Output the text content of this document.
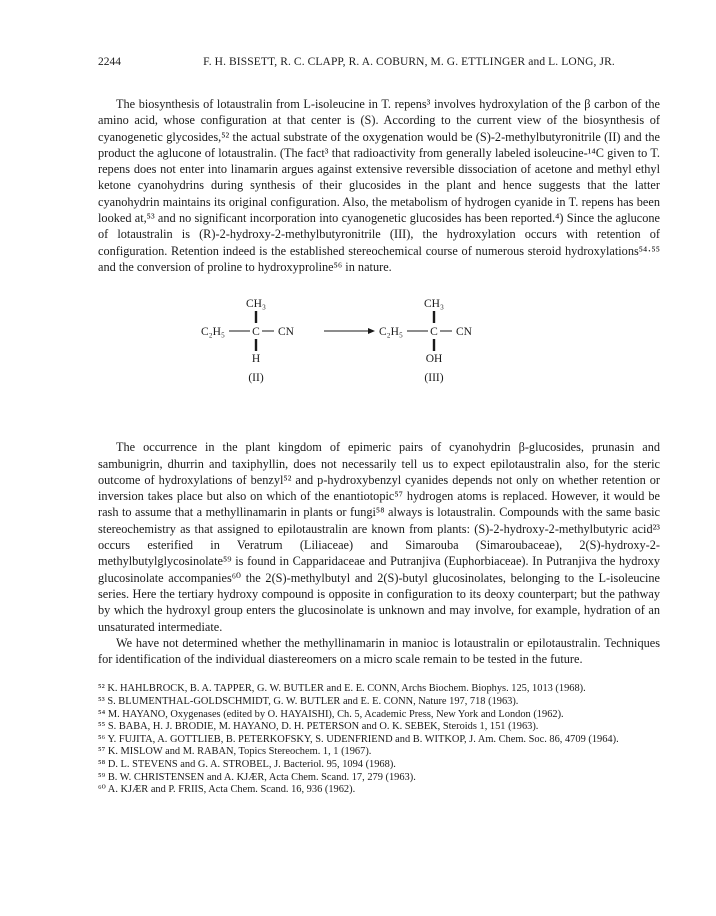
2244	F. H. BISSETT, R. C. CLAPP, R. A. COBURN, M. G. ETTLINGER and L. LONG, JR.

The biosynthesis of lotaustralin from L-isoleucine in T. repens³ involves hydroxylation of the β carbon of the amino acid, whose configuration at that center is (S). According to the current view of the biosynthesis of cyanogenetic glycosides,⁵² the actual substrate of the oxygenation would be (S)-2-methylbutyronitrile (II) and the product the aglucone of lotaustralin. (The fact³ that radioactivity from generally labeled isoleucine-¹⁴C given to T. repens does not enter into linamarin argues against extensive reversible dissociation of acetone and methyl ethyl ketone cyanohydrins during synthesis of their glucosides in the plant and hence suggests that the latter cyanohydrin maintains its original configuration. Also, the metabolism of hydrogen cyanide in T. repens has been looked at,⁵³ and no significant incorporation into cyanogenetic glucosides has been reported.⁴) Since the aglucone of lotaustralin is (R)-2-hydroxy-2-methylbutyronitrile (III), the hydroxylation occurs with retention of configuration. Retention indeed is the established stereochemical course of numerous steroid hydroxylations⁵⁴·⁵⁵ and the conversion of proline to hydroxyproline⁵⁶ in nature.

CH₃
C₂H₅ C CN
H
(II)
CH₃
C₂H₅ C CN
OH
(III)

The occurrence in the plant kingdom of epimeric pairs of cyanohydrin β-glucosides, prunasin and sambunigrin, dhurrin and taxiphyllin, does not necessarily tell us to expect epilotaustralin also, for the steric outcome of hydroxylations of benzyl⁵² and p-hydroxybenzyl cyanides depends not only on whether retention or inversion takes place but also on which of the enantiotopic⁵⁷ hydrogen atoms is replaced. However, it would be rash to assume that a methyllinamarin in plants or fungi⁵⁸ always is lotaustralin. Compounds with the same basic stereochemistry as that assigned to epilotaustralin are known from plants: (S)-2-hydroxy-2-methylbutyric acid²³ occurs esterified in Veratrum (Liliaceae) and Simarouba (Simaroubaceae), 2(S)-hydroxy-2-methylbutylglycosinolate⁵⁹ is found in Capparidaceae and Putranjiva (Euphorbiaceae). In Putranjiva the hydroxy glucosinolate accompanies⁶⁰ the 2(S)-methylbutyl and 2(S)-butyl glucosinolates, belonging to the L-isoleucine series. Here the tertiary hydroxy compound is opposite in configuration to its deoxy counterpart; but the pathway by which the hydroxyl group enters the glucosinolate is unknown and may involve, for example, hydration of an unsaturated intermediate.

We have not determined whether the methyllinamarin in manioc is lotaustralin or epilotaustralin. Techniques for identification of the individual diastereomers on a micro scale remain to be tested in the future.

⁵² K. HAHLBROCK, B. A. TAPPER, G. W. BUTLER and E. E. CONN, Archs Biochem. Biophys. 125, 1013 (1968).

⁵³ S. BLUMENTHAL-GOLDSCHMIDT, G. W. BUTLER and E. E. CONN, Nature 197, 718 (1963).

⁵⁴ M. HAYANO, Oxygenases (edited by O. HAYAISHI), Ch. 5, Academic Press, New York and London (1962).

⁵⁵ S. BABA, H. J. BRODIE, M. HAYANO, D. H. PETERSON and O. K. SEBEK, Steroids 1, 151 (1963).

⁵⁶ Y. FUJITA, A. GOTTLIEB, B. PETERKOFSKY, S. UDENFRIEND and B. WITKOP, J. Am. Chem. Soc. 86, 4709 (1964).

⁵⁷ K. MISLOW and M. RABAN, Topics Stereochem. 1, 1 (1967).

⁵⁸ D. L. STEVENS and G. A. STROBEL, J. Bacteriol. 95, 1094 (1968).

⁵⁹ B. W. CHRISTENSEN and A. KJÆR, Acta Chem. Scand. 17, 279 (1963).

⁶⁰ A. KJÆR and P. FRIIS, Acta Chem. Scand. 16, 936 (1962).
